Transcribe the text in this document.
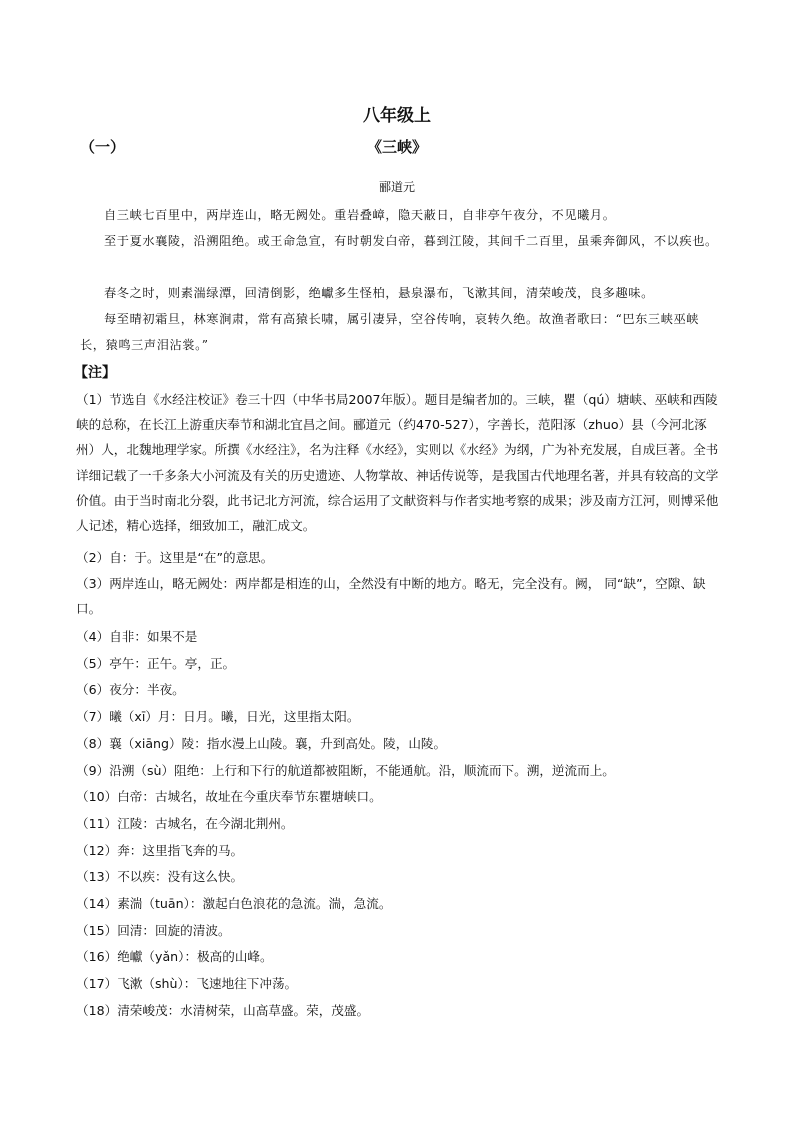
八年级上
（一）	《三峡》
郦道元

自三峡七百里中，两岸连山，略无阙处。重岩叠嶂，隐天蔽日，自非亭午夜分，不见曦月。

至于夏水襄陵，沿溯阻绝。或王命急宣，有时朝发白帝，暮到江陵，其间千二百里，虽乘奔御风，不以疾也。

春冬之时，则素湍绿潭，回清倒影，绝巘多生怪柏，悬泉瀑布，飞漱其间，清荣峻茂，良多趣味。

每至晴初霜旦，林寒涧肃，常有高猿长啸，属引凄异，空谷传响，哀转久绝。故渔者歌曰：“巴东三峡巫峡长，猿鸣三声泪沾裳。”

【注】

（1）节选自《水经注校证》卷三十四（中华书局2007年版）。题目是编者加的。三峡，瞿（qú）塘峡、巫峡和西陵峡的总称，在长江上游重庆奉节和湖北宜昌之间。郦道元（约470-527），字善长，范阳涿（zhuo）县（今河北涿州）人，北魏地理学家。所撰《水经注》，名为注释《水经》，实则以《水经》为纲，广为补充发展，自成巨著。全书详细记载了一千多条大小河流及有关的历史遗迹、人物掌故、神话传说等，是我国古代地理名著，并具有较高的文学价值。由于当时南北分裂，此书记北方河流，综合运用了文献资料与作者实地考察的成果；涉及南方江河，则博采他人记述，精心选择，细致加工，融汇成文。

（2）自：于。这里是“在”的意思。

（3）两岸连山，略无阙处：两岸都是相连的山，全然没有中断的地方。略无，完全没有。阙， 同“缺”，空隙、缺口。

（4）自非：如果不是

（5）亭午：正午。亭，正。

（6）夜分：半夜。

（7）曦（xī）月：日月。曦，日光，这里指太阳。

（8）襄（xiāng）陵：指水漫上山陵。襄，升到高处。陵，山陵。

（9）沿溯（sù）阻绝：上行和下行的航道都被阻断，不能通航。沿，顺流而下。溯，逆流而上。

（10）白帝：古城名，故址在今重庆奉节东瞿塘峡口。

（11）江陵：古城名，在今湖北荆州。

（12）奔：这里指飞奔的马。

（13）不以疾：没有这么快。

（14）素湍（tuān）：激起白色浪花的急流。湍，急流。

（15）回清：回旋的清波。

（16）绝巘（yǎn）：极高的山峰。

（17）飞漱（shù）：飞速地往下冲荡。

（18）清荣峻茂：水清树荣，山高草盛。荣，茂盛。
